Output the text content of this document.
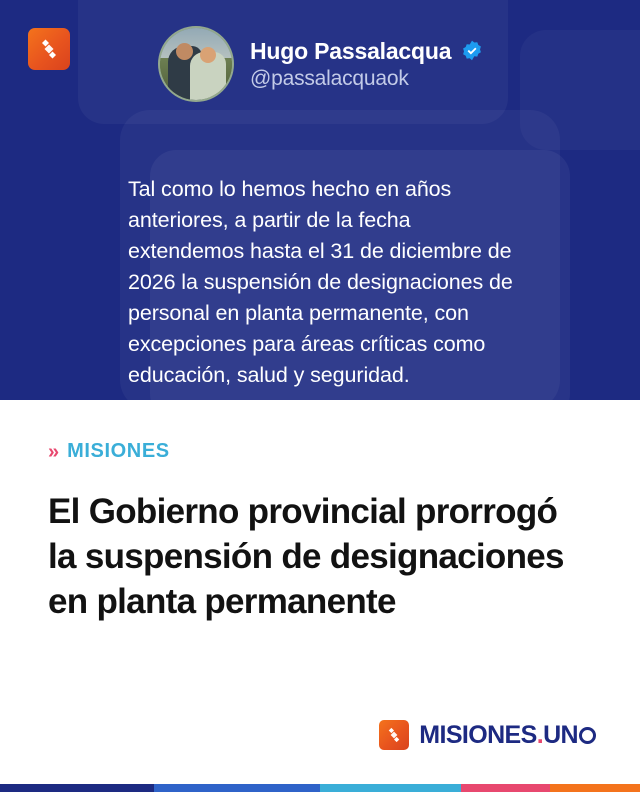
Hugo Passalacqua
@passalacquaok
Tal como lo hemos hecho en años anteriores, a partir de la fecha extendemos hasta el 31 de diciembre de 2026 la suspensión de designaciones de personal en planta permanente, con excepciones para áreas críticas como educación, salud y seguridad.
» MISIONES
El Gobierno provincial prorrogó la suspensión de designaciones en planta permanente
MISIONES . UN
